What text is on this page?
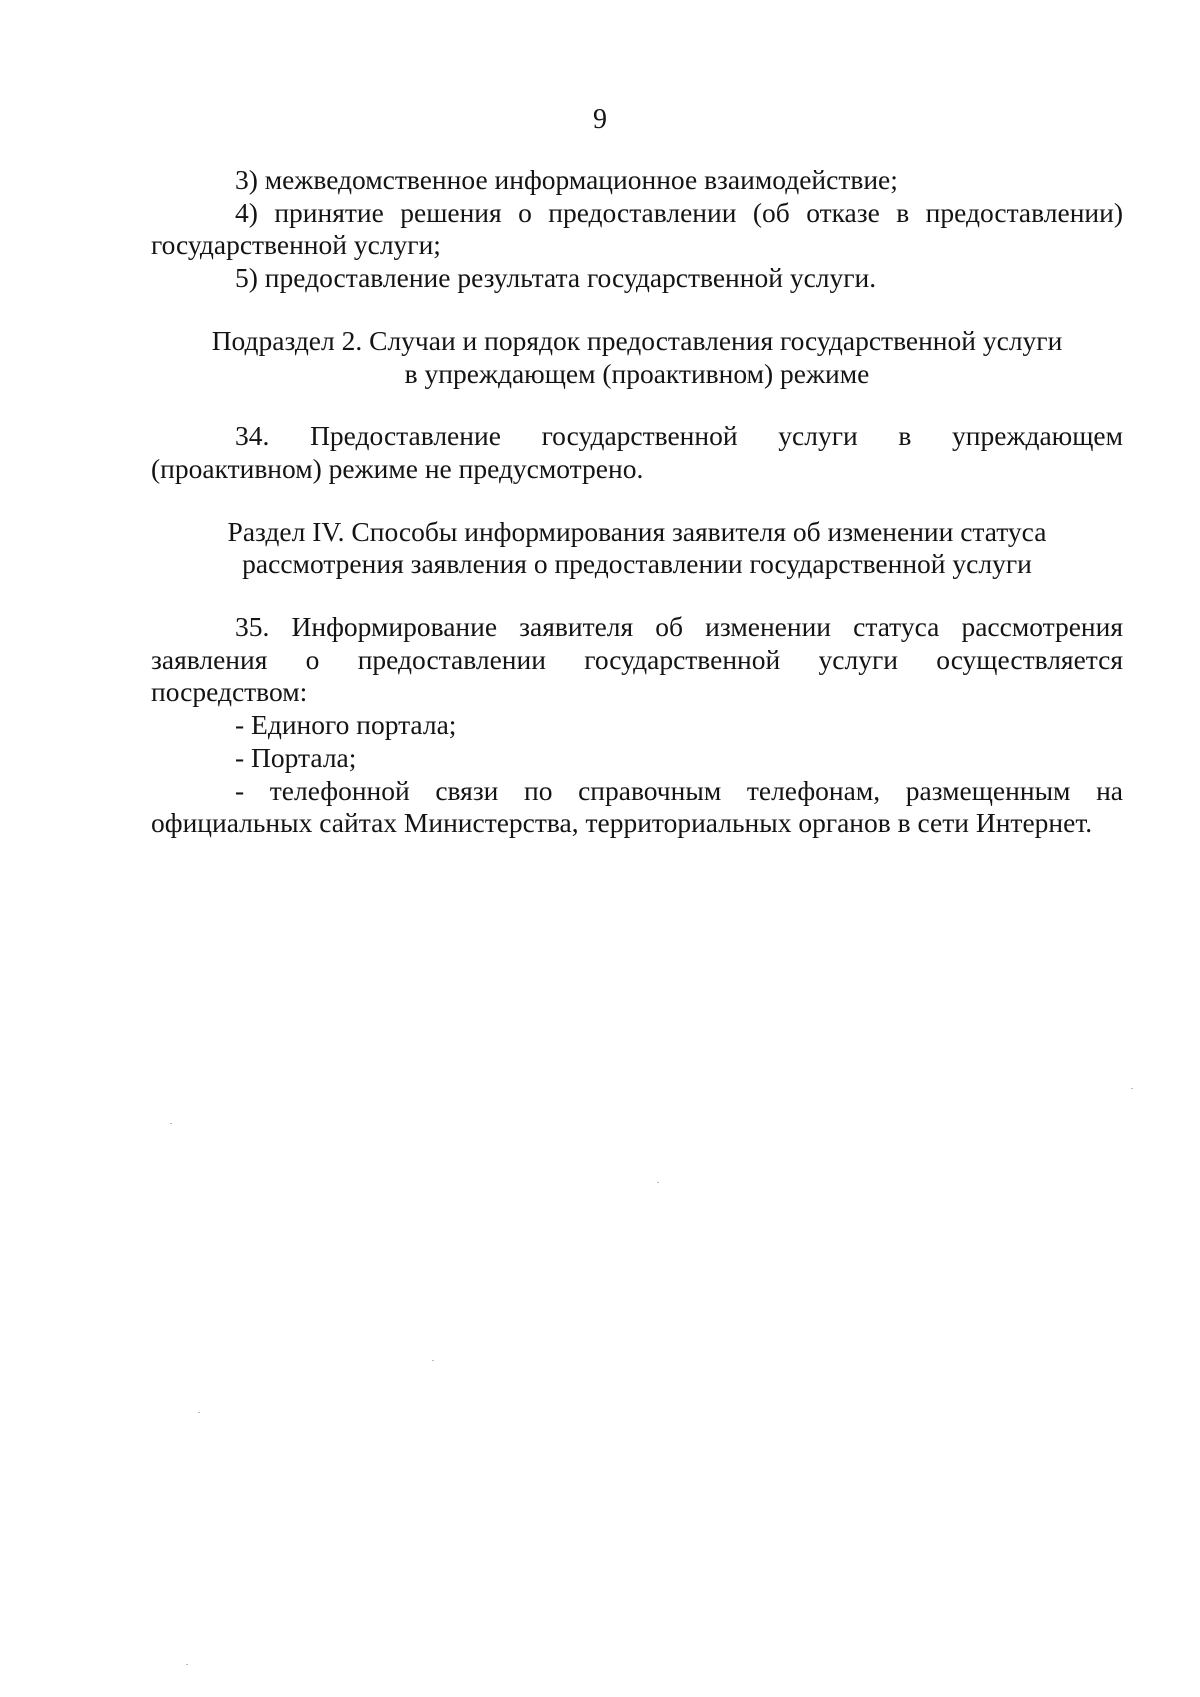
9

3) межведомственное информационное взаимодействие;

4) принятие решения о предоставлении (об отказе в предоставлении) государственной услуги;

5) предоставление результата государственной услуги.

Подраздел 2. Случаи и порядок предоставления государственной услуги
в упреждающем (проактивном) режиме

34. Предоставление государственной услуги в упреждающем (проактивном) режиме не предусмотрено.

Раздел IV. Способы информирования заявителя об изменении статуса
рассмотрения заявления о предоставлении государственной услуги

35. Информирование заявителя об изменении статуса рассмотрения заявления о предоставлении государственной услуги осуществляется посредством:

- Единого портала;

- Портала;

- телефонной связи по справочным телефонам, размещенным на официальных сайтах Министерства, территориальных органов в сети Интернет.
